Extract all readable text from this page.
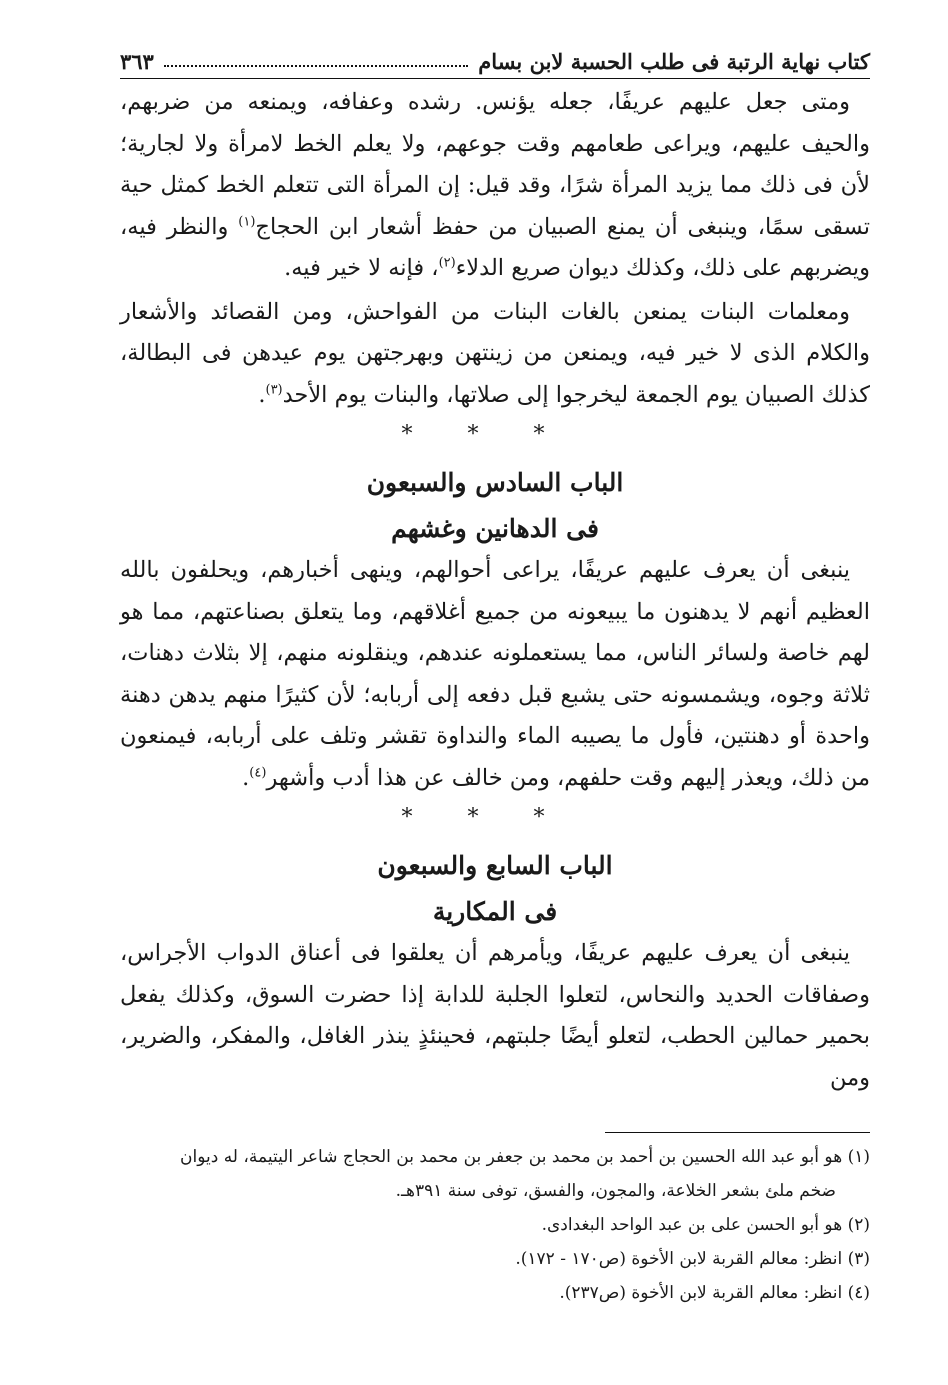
كتاب نهاية الرتبة فى طلب الحسبة لابن بسام
٣٦٣

ومتى جعل عليهم عريفًا، جعله يؤنس. رشده وعفافه، ويمنعه من ضربهم، والحيف عليهم، ويراعى طعامهم وقت جوعهم، ولا يعلم الخط لامرأة ولا لجارية؛ لأن فى ذلك مما يزيد المرأة شرًا، وقد قيل: إن المرأة التى تتعلم الخط كمثل حية تسقى سمًا، وينبغى أن يمنع الصبيان من حفظ أشعار ابن الحجاج$^{(١)}$ والنظر فيه، ويضربهم على ذلك، وكذلك ديوان صريع الدلاء$^{(٢)}$، فإنه لا خير فيه.

ومعلمات البنات يمنعن بالغات البنات من الفواحش، ومن القصائد والأشعار والكلام الذى لا خير فيه، ويمنعن من زينتهن وبهرجتهن يوم عيدهن فى البطالة، كذلك الصبيان يوم الجمعة ليخرجوا إلى صلاتها، والبنات يوم الأحد$^{(٣)}$.

* * *

الباب السادس والسبعون
فى الدهانين وغشهم

ينبغى أن يعرف عليهم عريفًا، يراعى أحوالهم، وينهى أخبارهم، ويحلفون بالله العظيم أنهم لا يدهنون ما يبيعونه من جميع أغلاقهم، وما يتعلق بصناعتهم، مما هو لهم خاصة ولسائر الناس، مما يستعملونه عندهم، وينقلونه منهم، إلا بثلاث دهنات، ثلاثة وجوه، ويشمسونه حتى يشبع قبل دفعه إلى أربابه؛ لأن كثيرًا منهم يدهن دهنة واحدة أو دهنتين، فأول ما يصيبه الماء والنداوة تقشر وتلف على أربابه، فيمنعون من ذلك، ويعذر إليهم وقت حلفهم، ومن خالف عن هذا أدب وأشهر$^{(٤)}$.

* * *

الباب السابع والسبعون
فى المكارية

ينبغى أن يعرف عليهم عريفًا، ويأمرهم أن يعلقوا فى أعناق الدواب الأجراس، وصفاقات الحديد والنحاس، لتعلوا الجلبة للدابة إذا حضرت السوق، وكذلك يفعل بحمير حمالين الحطب، لتعلو أيضًا جلبتهم، فحينئذٍ ينذر الغافل، والمفكر، والضرير، ومن

(١) هو أبو عبد الله الحسين بن أحمد بن محمد بن جعفر بن محمد بن الحجاج شاعر اليتيمة، له ديوان
ضخم ملئ بشعر الخلاعة، والمجون، والفسق، توفى سنة ٣٩١هـ.
(٢) هو أبو الحسن على بن عبد الواحد البغدادى.
(٣) انظر: معالم القربة لابن الأخوة (ص١٧٠ - ١٧٢).
(٤) انظر: معالم القربة لابن الأخوة (ص٢٣٧).
